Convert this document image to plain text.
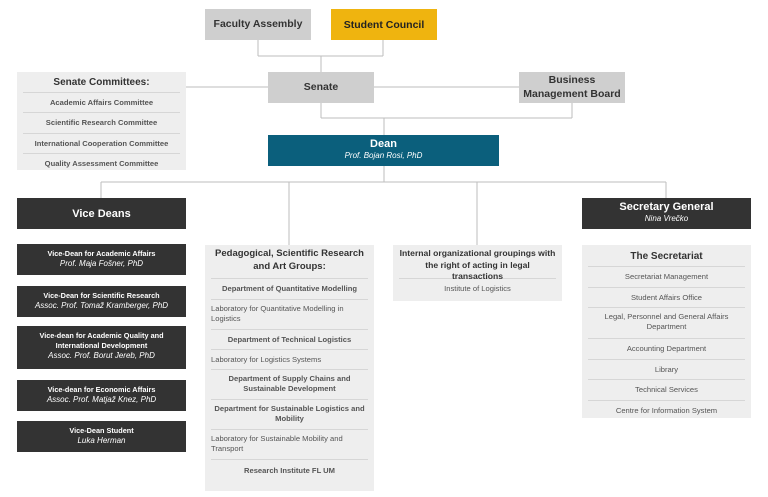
Faculty Assembly	Student Council
Senate
Business Management Board
Senate Committees:
Academic Affairs Committee
Scientific Research Committee
International Cooperation Committee
Quality Assessment Committee
Dean
Prof. Bojan Rosi, PhD
Vice Deans
Vice-Dean for Academic Affairs
Prof. Maja Fošner, PhD
Vice-Dean for Scientific Research
Assoc. Prof. Tomaž Kramberger, PhD
Vice-dean for Academic Quality and International Development
Assoc. Prof. Borut Jereb, PhD
Vice-dean for Economic Affairs
Assoc. Prof. Matjaž Knez, PhD
Vice-Dean Student
Luka Herman
Pedagogical, Scientific Research and Art Groups:
Department of Quantitative Modelling
Laboratory for Quantitative Modelling in Logistics
Department of Technical Logistics
Laboratory for Logistics Systems
Department of Supply Chains and Sustainable Development
Department for Sustainable Logistics and Mobility
Laboratory for Sustainable Mobility and Transport
Research Institute FL UM
Internal organizational groupings with the right of acting in legal transactions
Institute of Logistics
Secretary General
Nina Vrečko
The Secretariat
Secretariat Management
Student Affairs Office
Legal, Personnel and General Affairs Department
Accounting Department
Library
Technical Services
Centre for Information System
